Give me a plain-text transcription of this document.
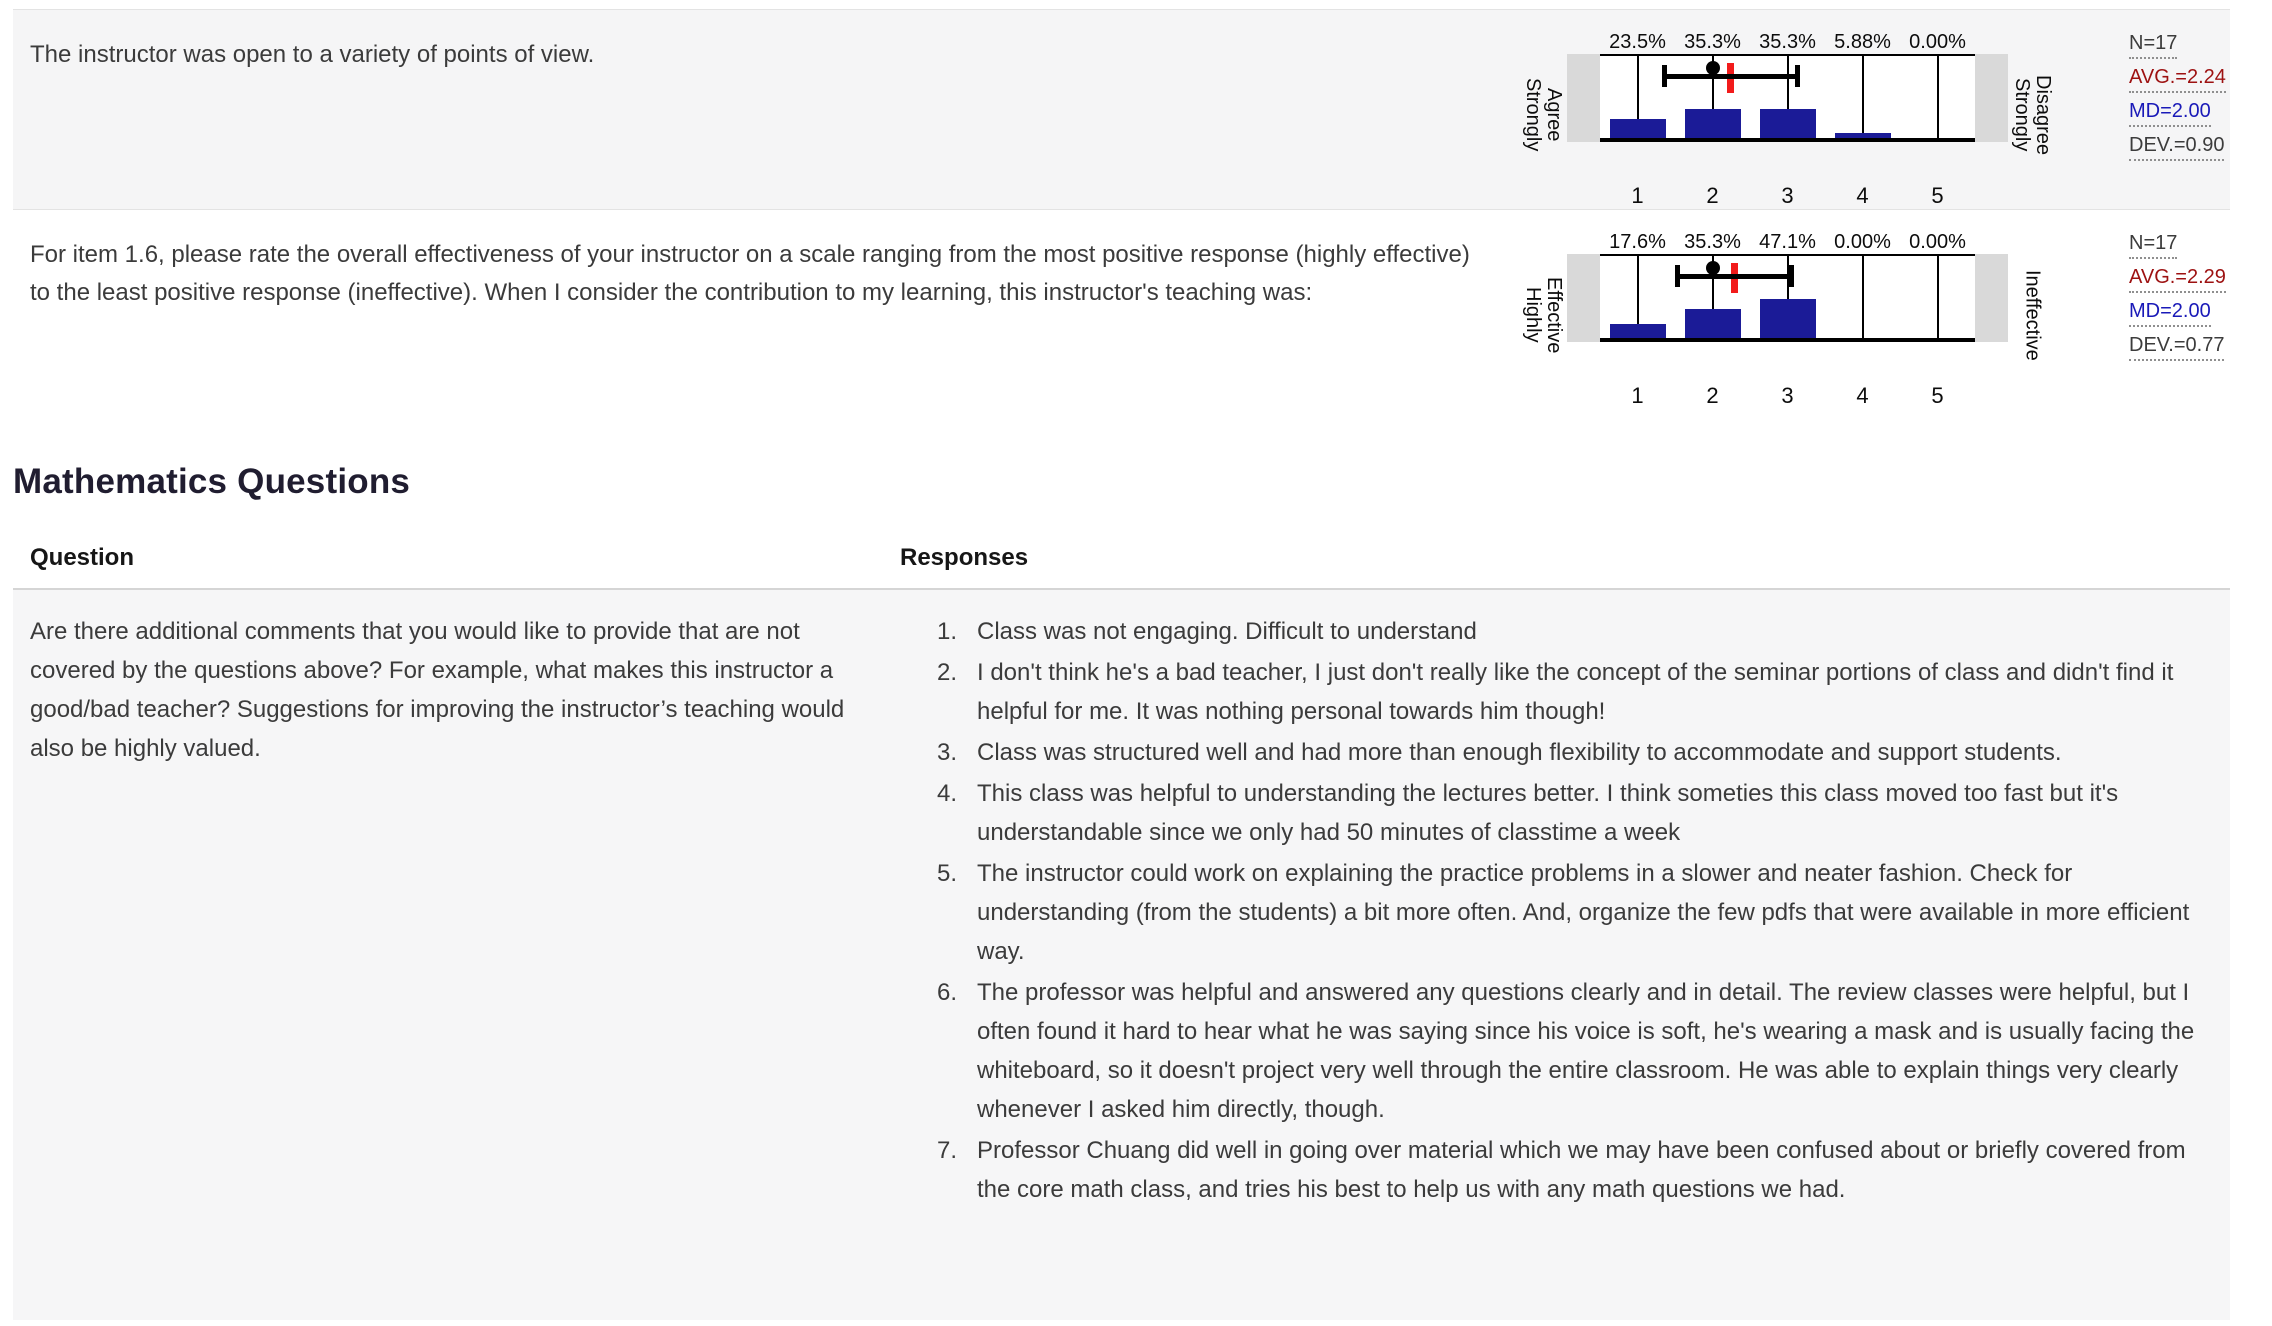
The instructor was open to a variety of points of view.	23.5% 35.3% 35.3% 5.88% 0.00%
Strongly Agree	Strongly Disagree
1	2	3	4	5
N=17
AVG.=2.24
MD=2.00
DEV.=0.90
For item 1.6, please rate the overall effectiveness of your instructor on a scale ranging from the most positive response (highly effective) to the least positive response (ineffective). When I consider the contribution to my learning, this instructor's teaching was:
17.6% 35.3% 47.1% 0.00% 0.00%
Highly Effective	Ineffective
1	2	3	4	5
N=17
AVG.=2.29
MD=2.00
DEV.=0.77
Mathematics Questions
Question	Responses
Are there additional comments that you would like to provide that are not covered by the questions above? For example, what makes this instructor a good/bad teacher? Suggestions for improving the instructor’s teaching would also be highly valued.
Class was not engaging. Difficult to understand
I don't think he's a bad teacher, I just don't really like the concept of the seminar portions of class and didn't find it helpful for me. It was nothing personal towards him though!
Class was structured well and had more than enough flexibility to accommodate and support students.
This class was helpful to understanding the lectures better. I think someties this class moved too fast but it's understandable since we only had 50 minutes of classtime a week
The instructor could work on explaining the practice problems in a slower and neater fashion. Check for understanding (from the students) a bit more often. And, organize the few pdfs that were available in more efficient way.
The professor was helpful and answered any questions clearly and in detail. The review classes were helpful, but I often found it hard to hear what he was saying since his voice is soft, he's wearing a mask and is usually facing the whiteboard, so it doesn't project very well through the entire classroom. He was able to explain things very clearly whenever I asked him directly, though.
Professor Chuang did well in going over material which we may have been confused about or briefly covered from the core math class, and tries his best to help us with any math questions we had.
